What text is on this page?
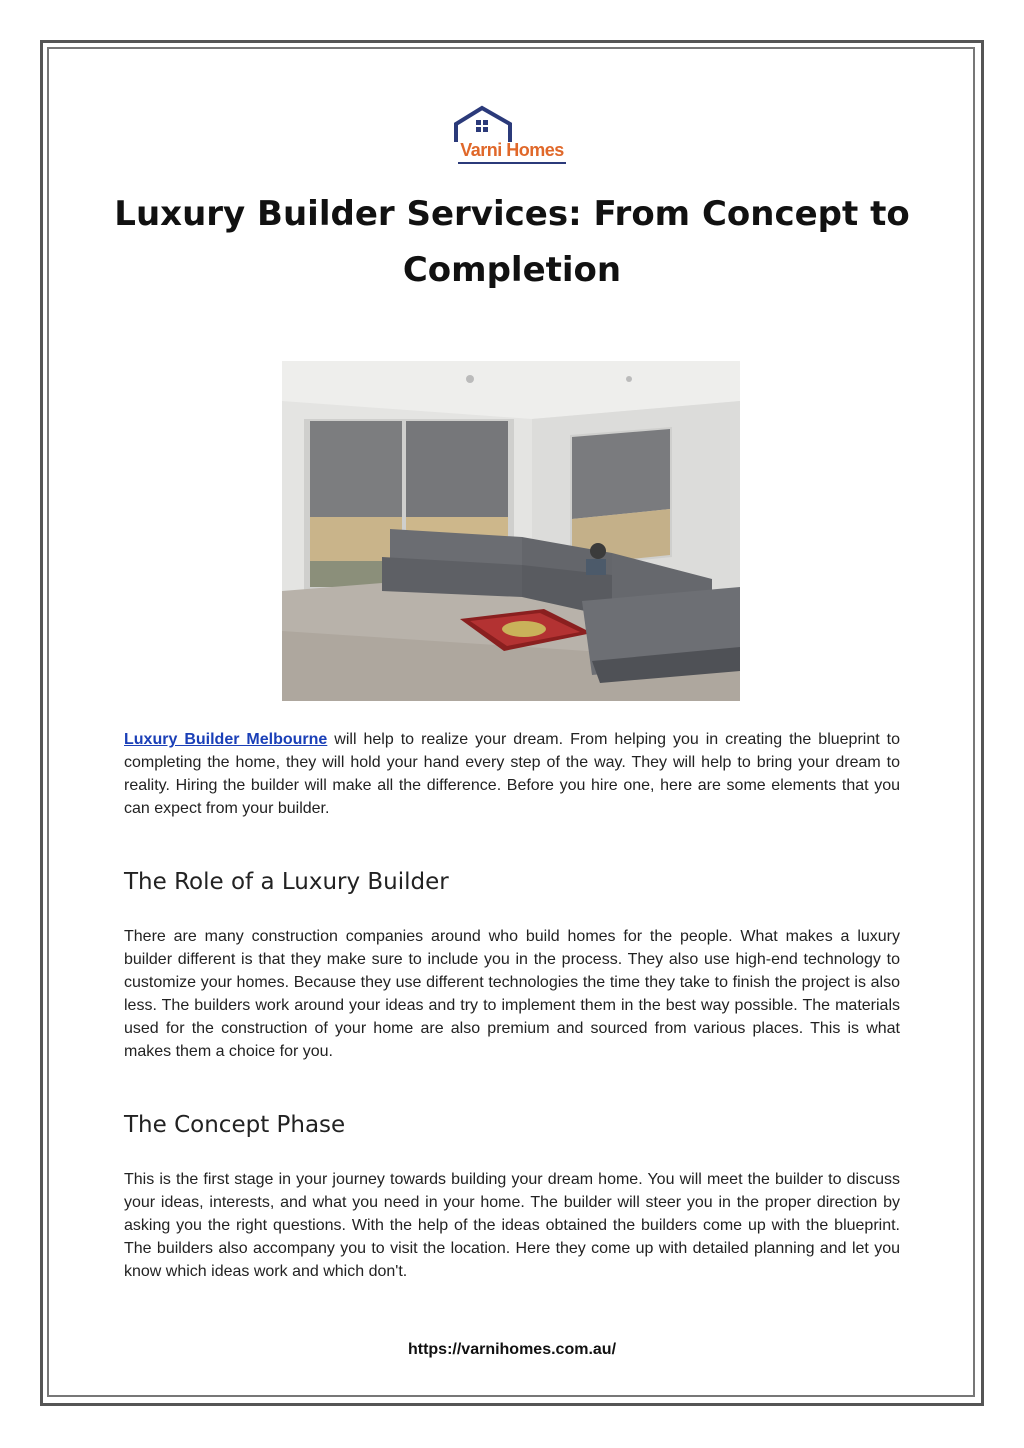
Varni Homes
Luxury Builder Services: From Concept to Completion

Luxury Builder Melbourne will help to realize your dream. From helping you in creating the blueprint to completing the home, they will hold your hand every step of the way. They will help to bring your dream to reality. Hiring the builder will make all the difference. Before you hire one, here are some elements that you can expect from your builder.

The Role of a Luxury Builder

There are many construction companies around who build homes for the people. What makes a luxury builder different is that they make sure to include you in the process. They also use high-end technology to customize your homes. Because they use different technologies the time they take to finish the project is also less. The builders work around your ideas and try to implement them in the best way possible. The materials used for the construction of your home are also premium and sourced from various places. This is what makes them a choice for you.

The Concept Phase

This is the first stage in your journey towards building your dream home. You will meet the builder to discuss your ideas, interests, and what you need in your home. The builder will steer you in the proper direction by asking you the right questions. With the help of the ideas obtained the builders come up with the blueprint. The builders also accompany you to visit the location. Here they come up with detailed planning and let you know which ideas work and which don't.

https://varnihomes.com.au/
